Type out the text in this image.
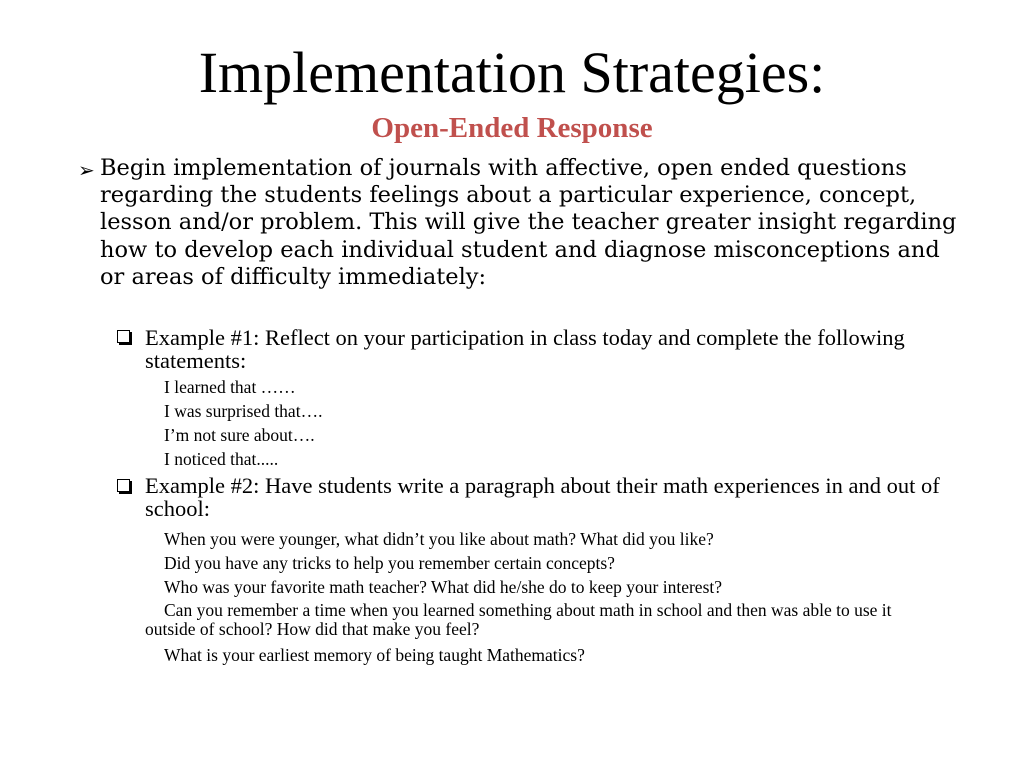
Implementation Strategies:
Open-Ended Response
➢ Begin implementation of journals with affective, open ended questions regarding the students feelings about a particular experience, concept, lesson and/or problem. This will give the teacher greater insight regarding how to develop each individual student and diagnose misconceptions and or areas of difficulty immediately:
Example #1: Reflect on your participation in class today and complete the following statements:
I learned that ……
I was surprised that….
I’m not sure about….
I noticed that.....
Example #2: Have students write a paragraph about their math experiences in and out of school:
When you were younger, what didn’t you like about math? What did you like?
Did you have any tricks to help you remember certain concepts?
Who was your favorite math teacher? What did he/she do to keep your interest?
Can you remember a time when you learned something about math in school and then was able to use it outside of school? How did that make you feel?
What is your earliest memory of being taught Mathematics?
